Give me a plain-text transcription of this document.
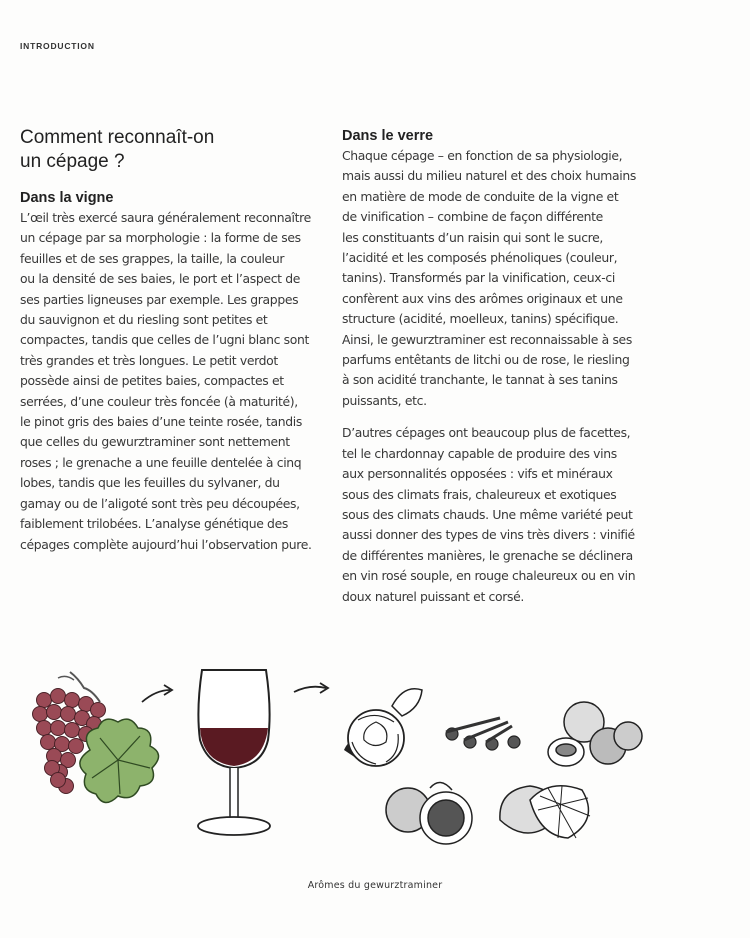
INTRODUCTION
Comment reconnaît-on
un cépage ?
Dans la vigne

L’œil très exercé saura généralement reconnaître
un cépage par sa morphologie : la forme de ses
feuilles et de ses grappes, la taille, la couleur
ou la densité de ses baies, le port et l’aspect de
ses parties ligneuses par exemple. Les grappes
du sauvignon et du riesling sont petites et
compactes, tandis que celles de l’ugni blanc sont
très grandes et très longues. Le petit verdot
possède ainsi de petites baies, compactes et
serrées, d’une couleur très foncée (à maturité),
le pinot gris des baies d’une teinte rosée, tandis
que celles du gewurztraminer sont nettement
roses ; le grenache a une feuille dentelée à cinq
lobes, tandis que les feuilles du sylvaner, du
gamay ou de l’aligoté sont très peu découpées,
faiblement trilobées. L’analyse génétique des
cépages complète aujourd’hui l’observation pure.

Dans le verre

Chaque cépage – en fonction de sa physiologie,
mais aussi du milieu naturel et des choix humains
en matière de mode de conduite de la vigne et
de vinification – combine de façon différente
les constituants d’un raisin qui sont le sucre,
l’acidité et les composés phénoliques (couleur,
tanins). Transformés par la vinification, ceux-ci
confèrent aux vins des arômes originaux et une
structure (acidité, moelleux, tanins) spécifique.
Ainsi, le gewurztraminer est reconnaissable à ses
parfums entêtants de litchi ou de rose, le riesling
à son acidité tranchante, le tannat à ses tanins
puissants, etc.

D’autres cépages ont beaucoup plus de facettes,
tel le chardonnay capable de produire des vins
aux personnalités opposées : vifs et minéraux
sous des climats frais, chaleureux et exotiques
sous des climats chauds. Une même variété peut
aussi donner des types de vins très divers : vinifié
de différentes manières, le grenache se déclinera
en vin rosé souple, en rouge chaleureux ou en vin
doux naturel puissant et corsé.

Arômes du gewurztraminer
